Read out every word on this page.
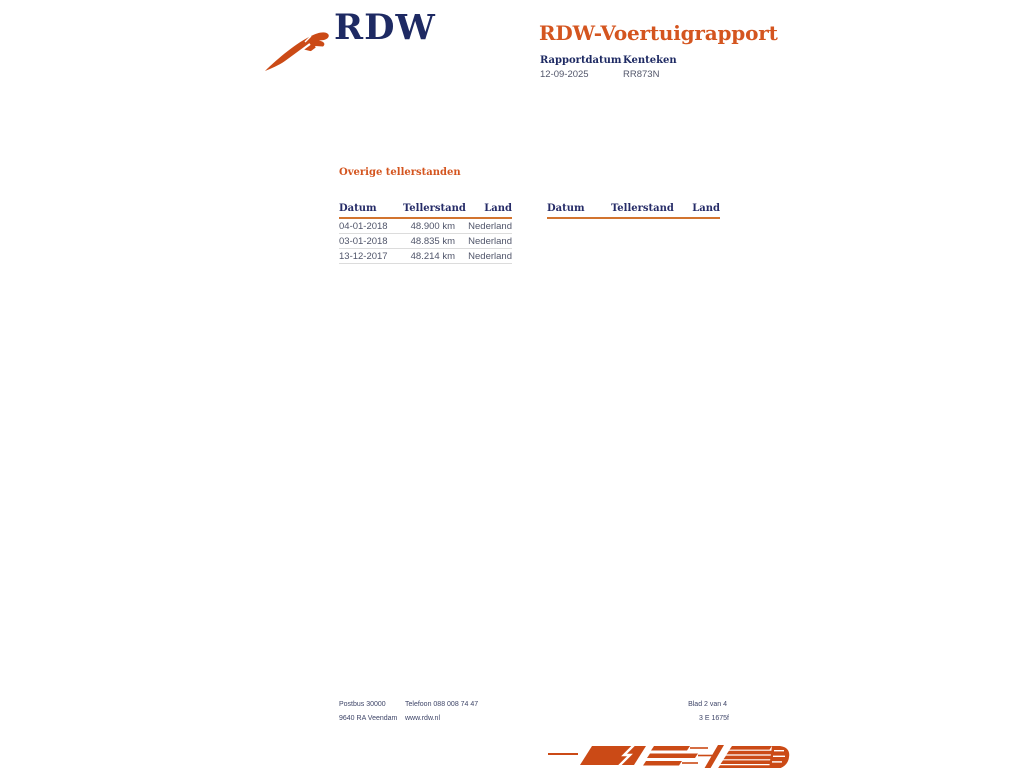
RDW	RDW-Voertuigrapport
Rapportdatum
12-09-2025
Kenteken
RR873N
Overige tellerstanden
Datum	Tellerstand	Land
04-01-2018	48.900 km	Nederland
03-01-2018	48.835 km	Nederland
13-12-2017	48.214 km	Nederland
Datum	Tellerstand	Land
Postbus 30000
9640 RA Veendam
Telefoon 088 008 74 47
www.rdw.nl
Blad 2 van 4
3 E 1675f
